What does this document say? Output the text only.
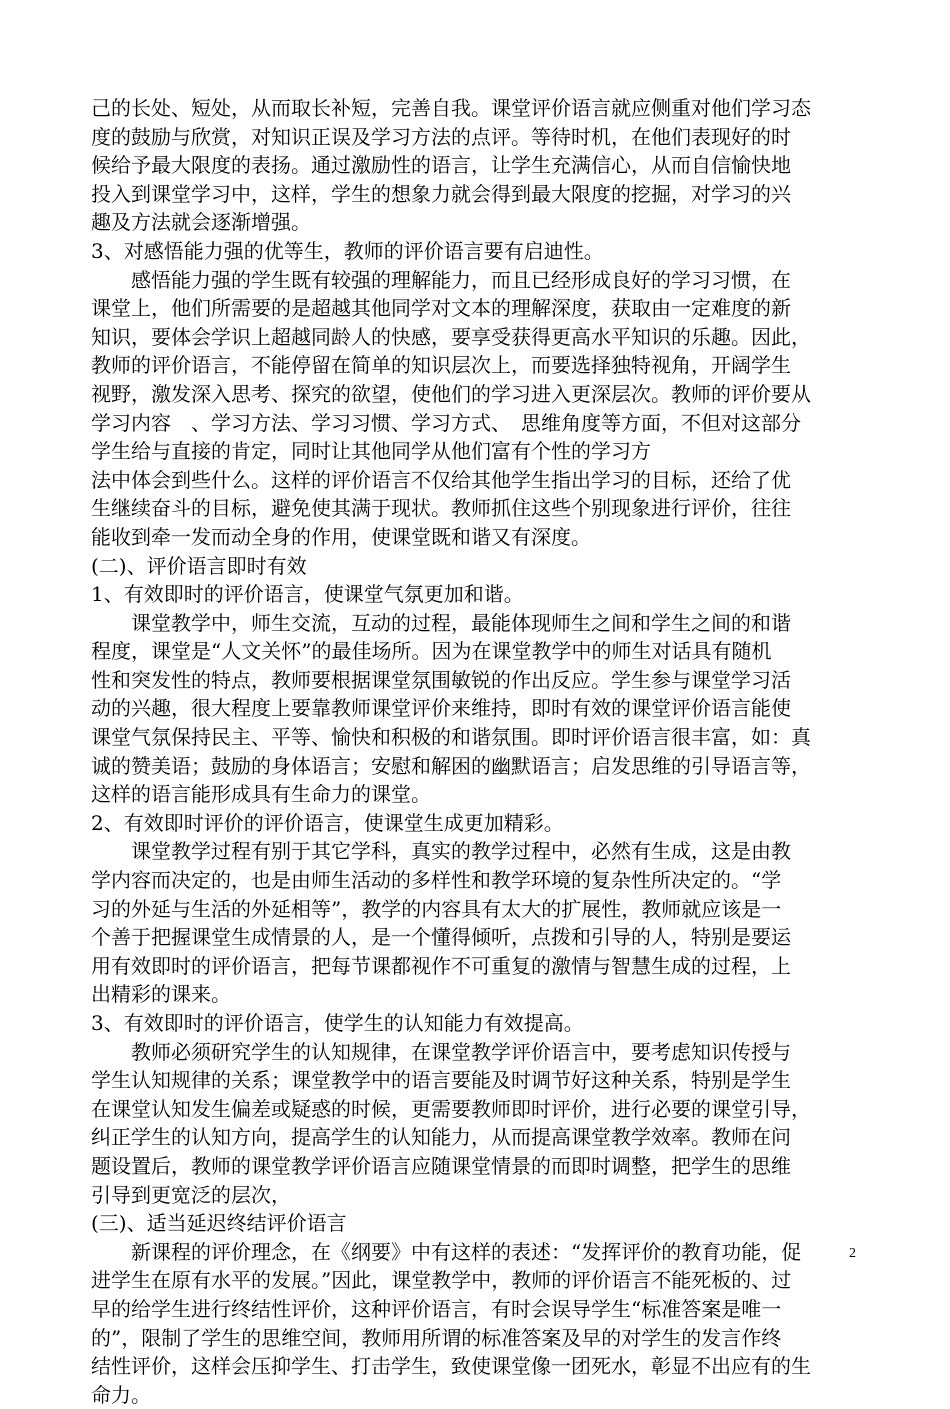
己的长处、短处，从而取长补短，完善自我。课堂评价语言就应侧重对他们学习态
度的鼓励与欣赏，对知识正误及学习方法的点评。等待时机，在他们表现好的时
候给予最大限度的表扬。通过激励性的语言，让学生充满信心，从而自信愉快地
投入到课堂学习中，这样，学生的想象力就会得到最大限度的挖掘，对学习的兴
趣及方法就会逐渐增强。
3、对感悟能力强的优等生，教师的评价语言要有启迪性。
感悟能力强的学生既有较强的理解能力，而且已经形成良好的学习习惯，在
课堂上，他们所需要的是超越其他同学对文本的理解深度，获取由一定难度的新
知识，要体会学识上超越同龄人的快感，要享受获得更高水平知识的乐趣。因此，
教师的评价语言，不能停留在简单的知识层次上，而要选择独特视角，开阔学生
视野，激发深入思考、探究的欲望，使他们的学习进入更深层次。教师的评价要从
学习内容　、学习方法、学习习惯、学习方式、　思维角度等方面，不但对这部分
学生给与直接的肯定，同时让其他同学从他们富有个性的学习方
法中体会到些什么。这样的评价语言不仅给其他学生指出学习的目标，还给了优
生继续奋斗的目标，避免使其满于现状。教师抓住这些个别现象进行评价，往往
能收到牵一发而动全身的作用，使课堂既和谐又有深度。
(二)、评价语言即时有效
1、有效即时的评价语言，使课堂气氛更加和谐。
课堂教学中，师生交流，互动的过程，最能体现师生之间和学生之间的和谐
程度，课堂是“人文关怀”的最佳场所。因为在课堂教学中的师生对话具有随机
性和突发性的特点，教师要根据课堂氛围敏锐的作出反应。学生参与课堂学习活
动的兴趣，很大程度上要靠教师课堂评价来维持，即时有效的课堂评价语言能使
课堂气氛保持民主、平等、愉快和积极的和谐氛围。即时评价语言很丰富，如：真
诚的赞美语；鼓励的身体语言；安慰和解困的幽默语言；启发思维的引导语言等，
这样的语言能形成具有生命力的课堂。
2、有效即时评价的评价语言，使课堂生成更加精彩。
课堂教学过程有别于其它学科，真实的教学过程中，必然有生成，这是由教
学内容而决定的，也是由师生活动的多样性和教学环境的复杂性所决定的。“学
习的外延与生活的外延相等”，教学的内容具有太大的扩展性，教师就应该是一
个善于把握课堂生成情景的人，是一个懂得倾听，点拨和引导的人，特别是要运
用有效即时的评价语言，把每节课都视作不可重复的激情与智慧生成的过程，上
出精彩的课来。
3、有效即时的评价语言，使学生的认知能力有效提高。
教师必须研究学生的认知规律，在课堂教学评价语言中，要考虑知识传授与
学生认知规律的关系；课堂教学中的语言要能及时调节好这种关系，特别是学生
在课堂认知发生偏差或疑惑的时候，更需要教师即时评价，进行必要的课堂引导，
纠正学生的认知方向，提高学生的认知能力，从而提高课堂教学效率。教师在问
题设置后，教师的课堂教学评价语言应随课堂情景的而即时调整，把学生的思维
引导到更宽泛的层次，
(三)、适当延迟终结评价语言
新课程的评价理念，在《纲要》中有这样的表述：“发挥评价的教育功能，促
进学生在原有水平的发展。”因此，课堂教学中，教师的评价语言不能死板的、过
早的给学生进行终结性评价，这种评价语言，有时会误导学生“标准答案是唯一
的”，限制了学生的思维空间，教师用所谓的标准答案及早的对学生的发言作终
结性评价，这样会压抑学生、打击学生，致使课堂像一团死水，彰显不出应有的生
命力。
2
